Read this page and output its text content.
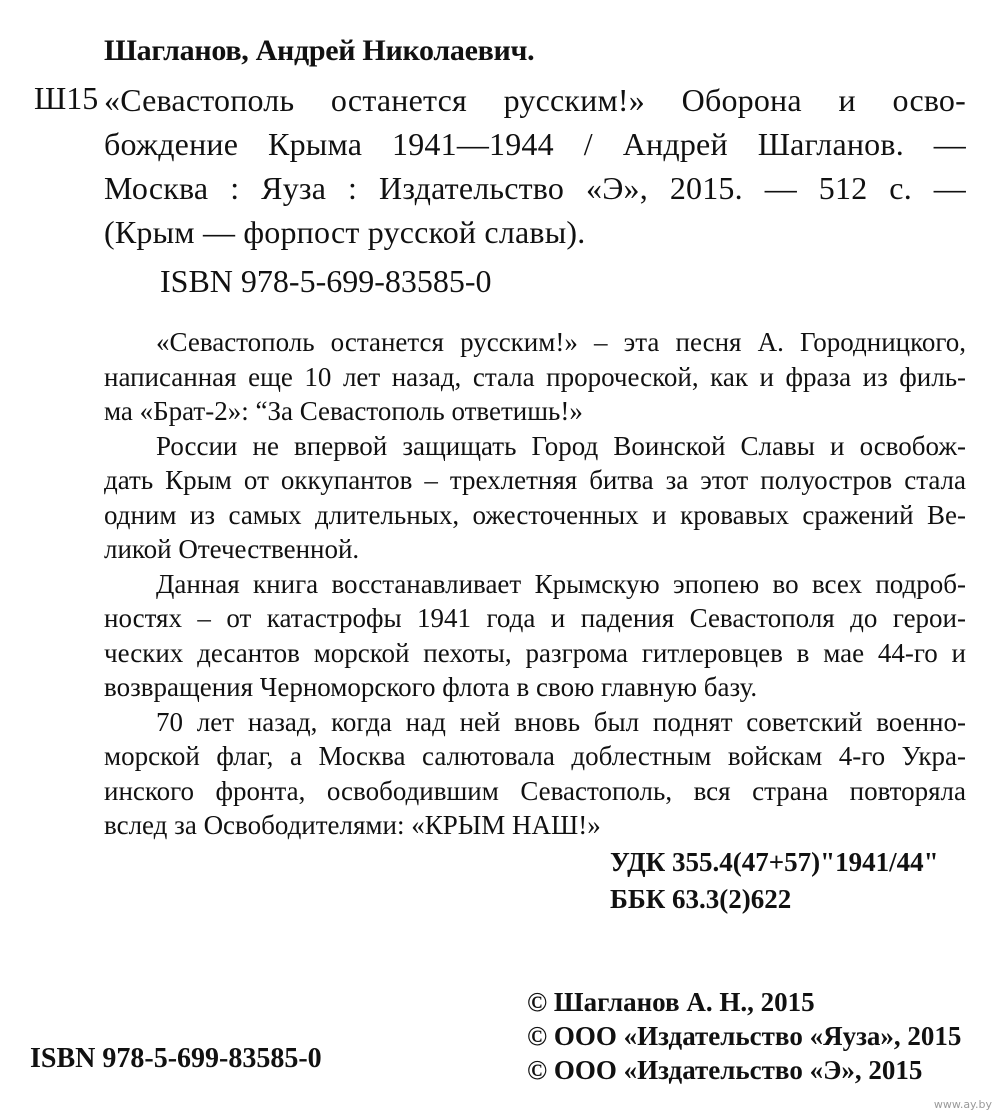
Шагланов, Андрей Николаевич.
Ш15 «Севастополь останется русским!» Оборона и осво-
бождение Крыма 1941—1944 / Андрей Шагланов. —
Москва : Яуза : Издательство «Э», 2015. — 512 с. —
(Крым — форпост русской славы).
ISBN 978-5-699-83585-0
«Севастополь останется русским!» – эта песня А. Городницкого,
написанная еще 10 лет назад, стала пророческой, как и фраза из филь-
ма «Брат-2»: “За Севастополь ответишь!»
России не впервой защищать Город Воинской Славы и освобож-
дать Крым от оккупантов – трехлетняя битва за этот полуостров стала
одним из самых длительных, ожесточенных и кровавых сражений Ве-
ликой Отечественной.
Данная книга восстанавливает Крымскую эпопею во всех подроб-
ностях – от катастрофы 1941 года и падения Севастополя до герои-
ческих десантов морской пехоты, разгрома гитлеровцев в мае 44-го и
возвращения Черноморского флота в свою главную базу.
70 лет назад, когда над ней вновь был поднят советский военно-
морской флаг, а Москва салютовала доблестным войскам 4-го Укра-
инского фронта, освободившим Севастополь, вся страна повторяла
вслед за Освободителями: «КРЫМ НАШ!»
УДК 355.4(47+57)"1941/44"
ББК 63.3(2)622
© Шагланов А. Н., 2015
© ООО «Издательство «Яуза», 2015
© ООО «Издательство «Э», 2015
ISBN 978-5-699-83585-0
www.ay.by
